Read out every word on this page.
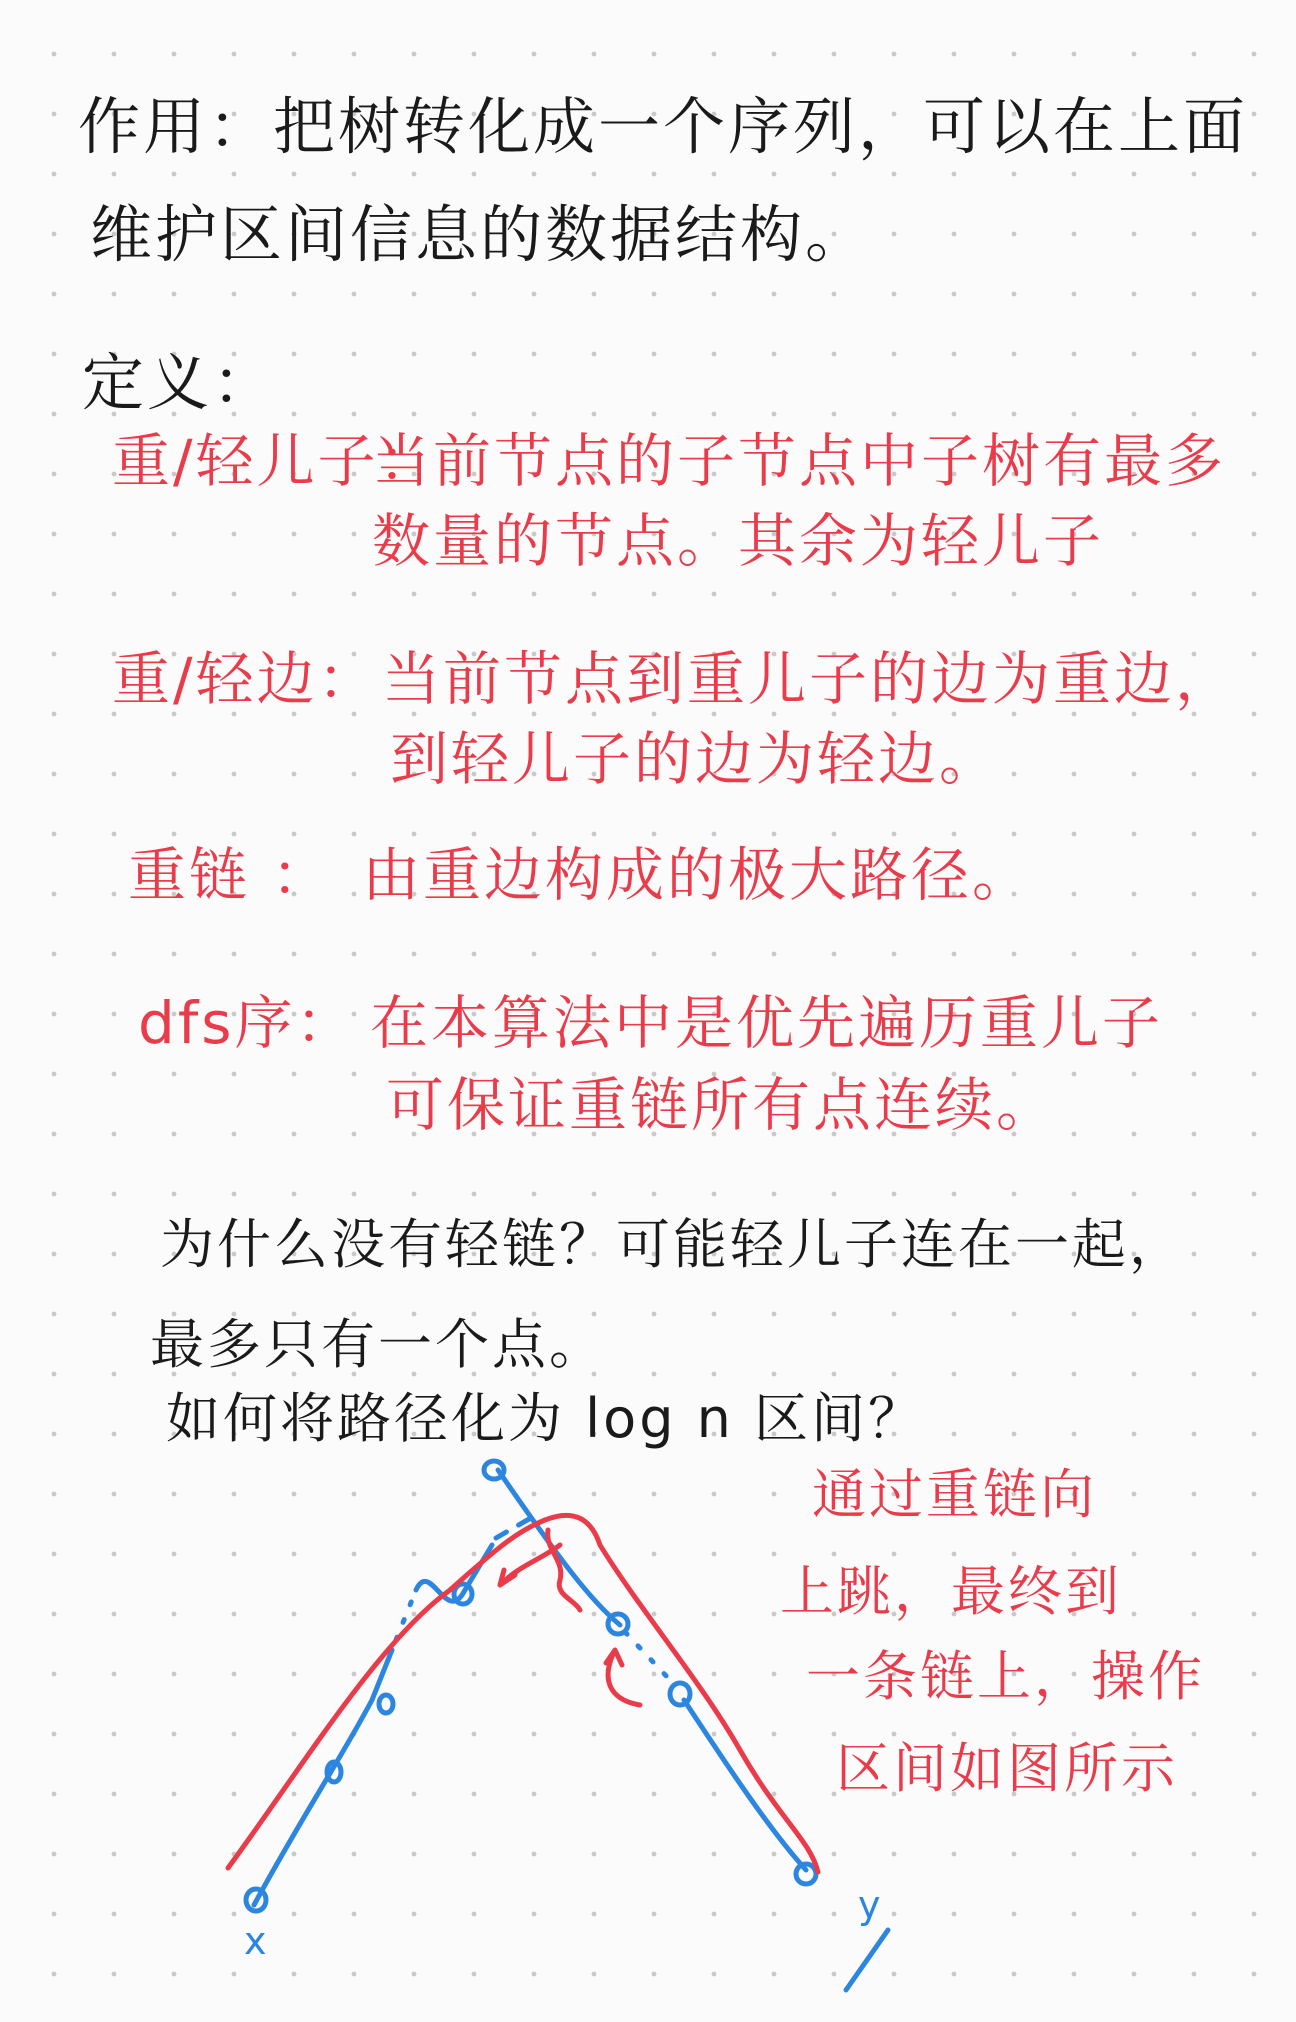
作用：把树转化成一个序列，可以在上面
维护区间信息的数据结构。
定义：
重/轻儿子：
当前节点的子节点中子树有最多
数量的节点。其余为轻儿子
重/轻边： 当前节点到重儿子的边为重边，
到轻儿子的边为轻边。
重链 ： 由重边构成的极大路径。
dfs序： 在本算法中是优先遍历重儿子
可保证重链所有点连续。
为什么没有轻链？可能轻儿子连在一起，
最多只有一个点。
如何将路径化为 log n 区间？
x
y
通过重链向
上跳，最终到
一条链上，操作
区间如图所示
